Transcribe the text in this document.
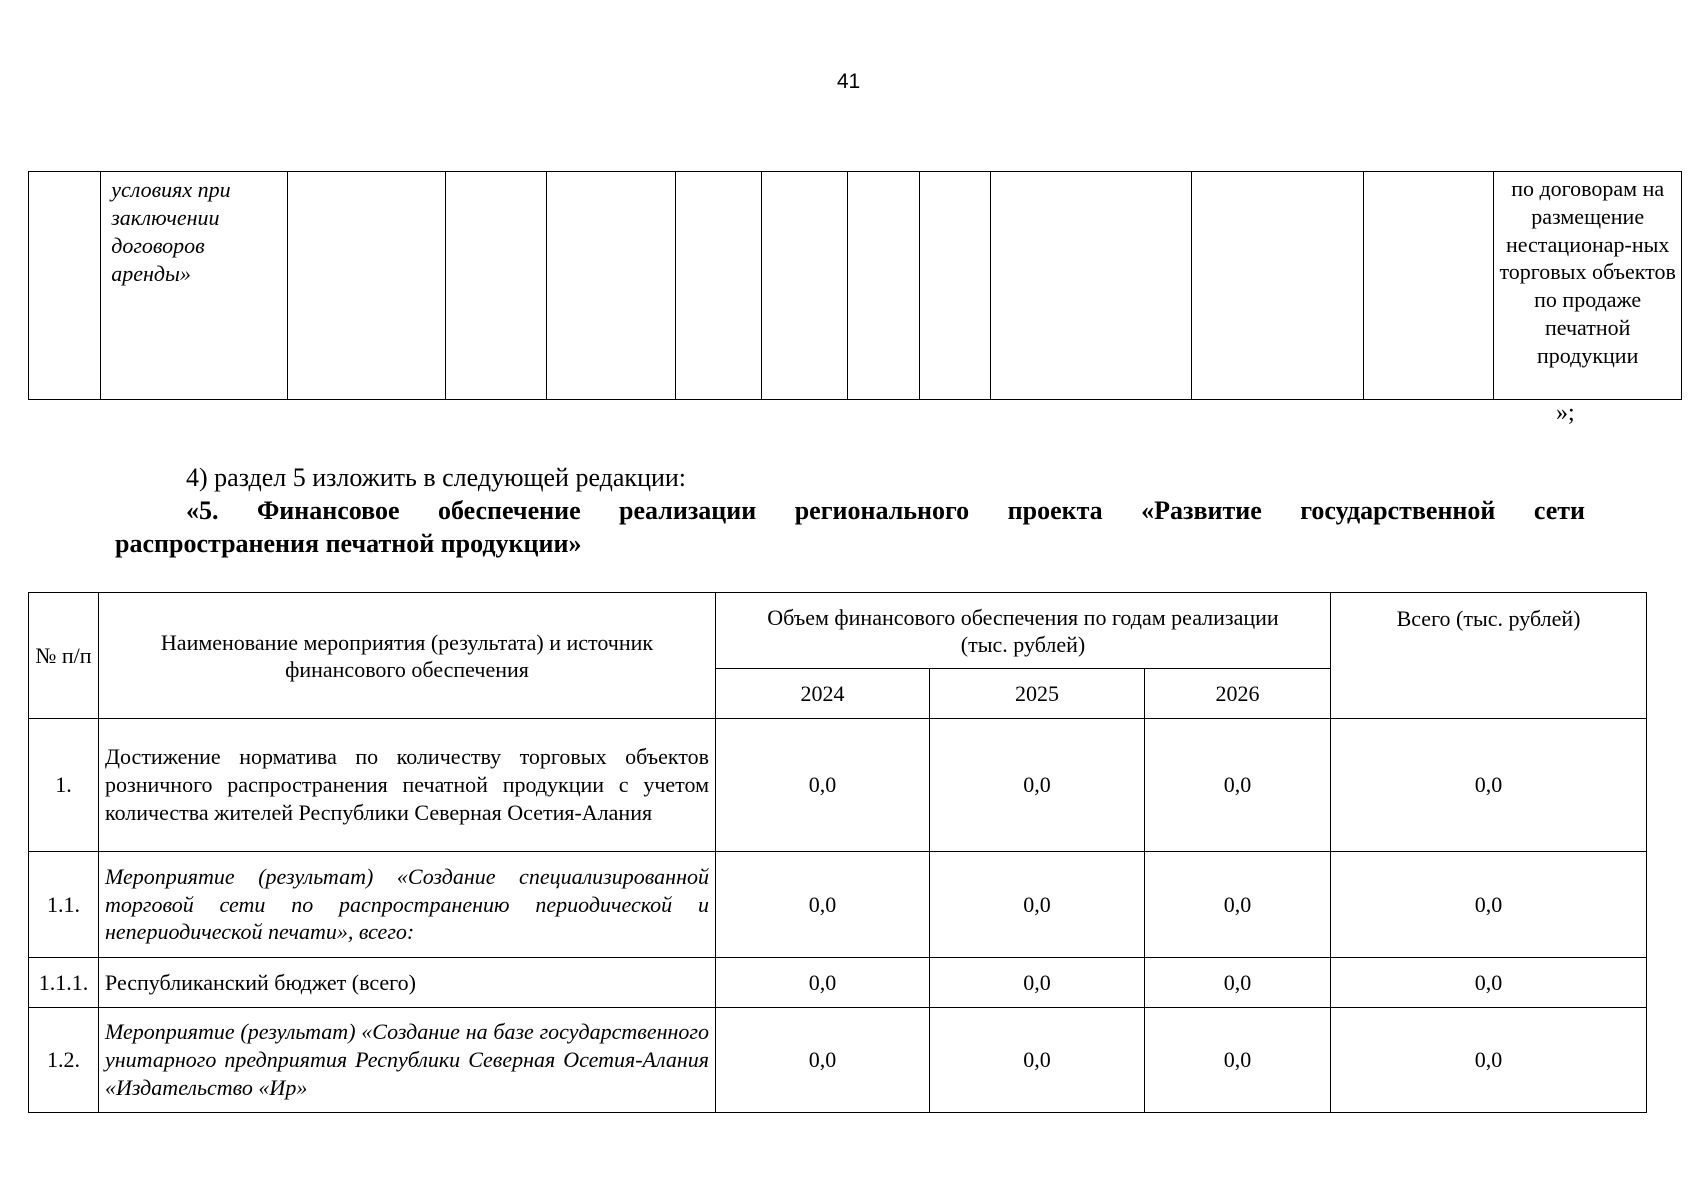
41
	условиях при заключении договоров аренды»											по договорам на размещение нестационар-ных торговых объектов по продаже печатной продукции
»;
4) раздел 5 изложить в следующей редакции:
«5. Финансовое обеспечение реализации регионального проекта «Развитие государственной сети
распространения печатной продукции»
№ п/п	Наименование мероприятия (результата) и источник финансового обеспечения	Объем финансового обеспечения по годам реализации (тыс. рублей)			Всего (тыс. рублей)
		2024	2025	2026	
1.	Достижение норматива по количеству торговых объектов розничного распространения печатной продукции с учетом количества жителей Республики Северная Осетия-Алания	0,0	0,0	0,0	0,0
1.1.	Мероприятие (результат) «Создание специализированной торговой сети по распространению периодической и непериодической печати», всего:	0,0	0,0	0,0	0,0
1.1.1.	Республиканский бюджет (всего)	0,0	0,0	0,0	0,0
1.2.	Мероприятие (результат) «Создание на базе государственного унитарного предприятия Республики Северная Осетия-Алания «Издательство «Ир»	0,0	0,0	0,0	0,0
